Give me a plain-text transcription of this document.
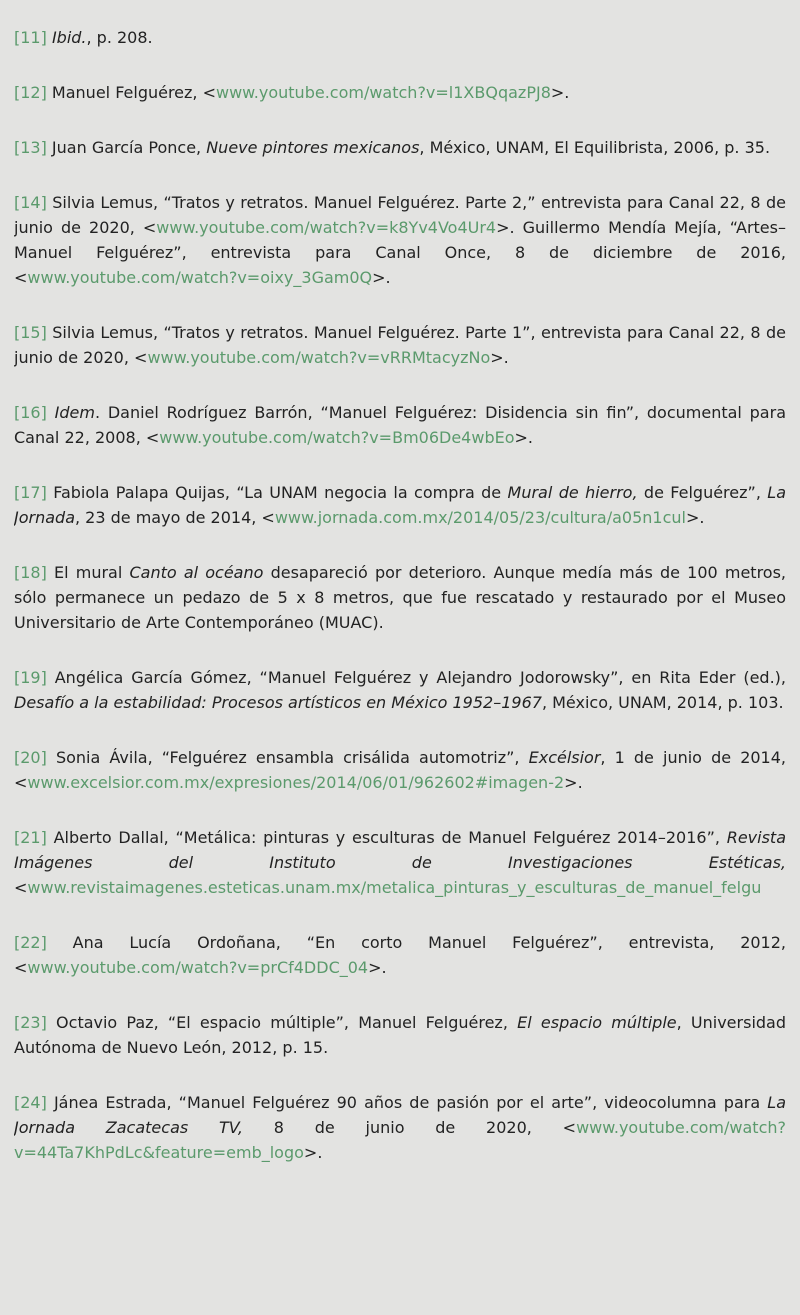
[11] Ibid., p. 208.

[12] Manuel Felguérez, <www.youtube.com/watch?v=l1XBQqazPJ8>.

[13] Juan García Ponce, Nueve pintores mexicanos, México, UNAM, El Equilibrista, 2006, p. 35.

[14] Silvia Lemus, “Tratos y retratos. Manuel Felguérez. Parte 2,” entrevista para Canal 22, 8 de junio de 2020, <www.youtube.com/watch?v=k8Yv4Vo4Ur4>. Guillermo Mendía Mejía, “Artes–Manuel Felguérez”, entrevista para Canal Once, 8 de diciembre de 2016, <www.youtube.com/watch?v=oixy_3Gam0Q>.

[15] Silvia Lemus, “Tratos y retratos. Manuel Felguérez. Parte 1”, entrevista para Canal 22, 8 de junio de 2020, <www.youtube.com/watch?v=vRRMtacyzNo>.

[16] Idem. Daniel Rodríguez Barrón, “Manuel Felguérez: Disidencia sin fin”, documental para Canal 22, 2008, <www.youtube.com/watch?v=Bm06De4wbEo>.

[17] Fabiola Palapa Quijas, “La UNAM negocia la compra de Mural de hierro, de Felguérez”, La Jornada, 23 de mayo de 2014, <www.jornada.com.mx/2014/05/23/cultura/a05n1cul>.

[18] El mural Canto al océano desapareció por deterioro. Aunque medía más de 100 metros, sólo permanece un pedazo de 5 x 8 metros, que fue rescatado y restaurado por el Museo Universitario de Arte Contemporáneo (MUAC).

[19] Angélica García Gómez, “Manuel Felguérez y Alejandro Jodorowsky”, en Rita Eder (ed.), Desafío a la estabilidad: Procesos artísticos en México 1952–1967, México, UNAM, 2014, p. 103.

[20] Sonia Ávila, “Felguérez ensambla crisálida automotriz”, Excélsior, 1 de junio de 2014, <www.excelsior.com.mx/expresiones/2014/06/01/962602#imagen-2>.

[21] Alberto Dallal, “Metálica: pinturas y esculturas de Manuel Felguérez 2014–2016”, Revista Imágenes del Instituto de Investigaciones Estéticas, <www.revistaimagenes.esteticas.unam.mx/metalica_pinturas_y_esculturas_de_manuel_felgu

[22] Ana Lucía Ordoñana, “En corto Manuel Felguérez”, entrevista, 2012, <www.youtube.com/watch?v=prCf4DDC_04>.

[23] Octavio Paz, “El espacio múltiple”, Manuel Felguérez, El espacio múltiple, Universidad Autónoma de Nuevo León, 2012, p. 15.

[24] Jánea Estrada, “Manuel Felguérez 90 años de pasión por el arte”, videocolumna para La Jornada Zacatecas TV, 8 de junio de 2020, <www.youtube.com/watch?v=44Ta7KhPdLc&feature=emb_logo>.
